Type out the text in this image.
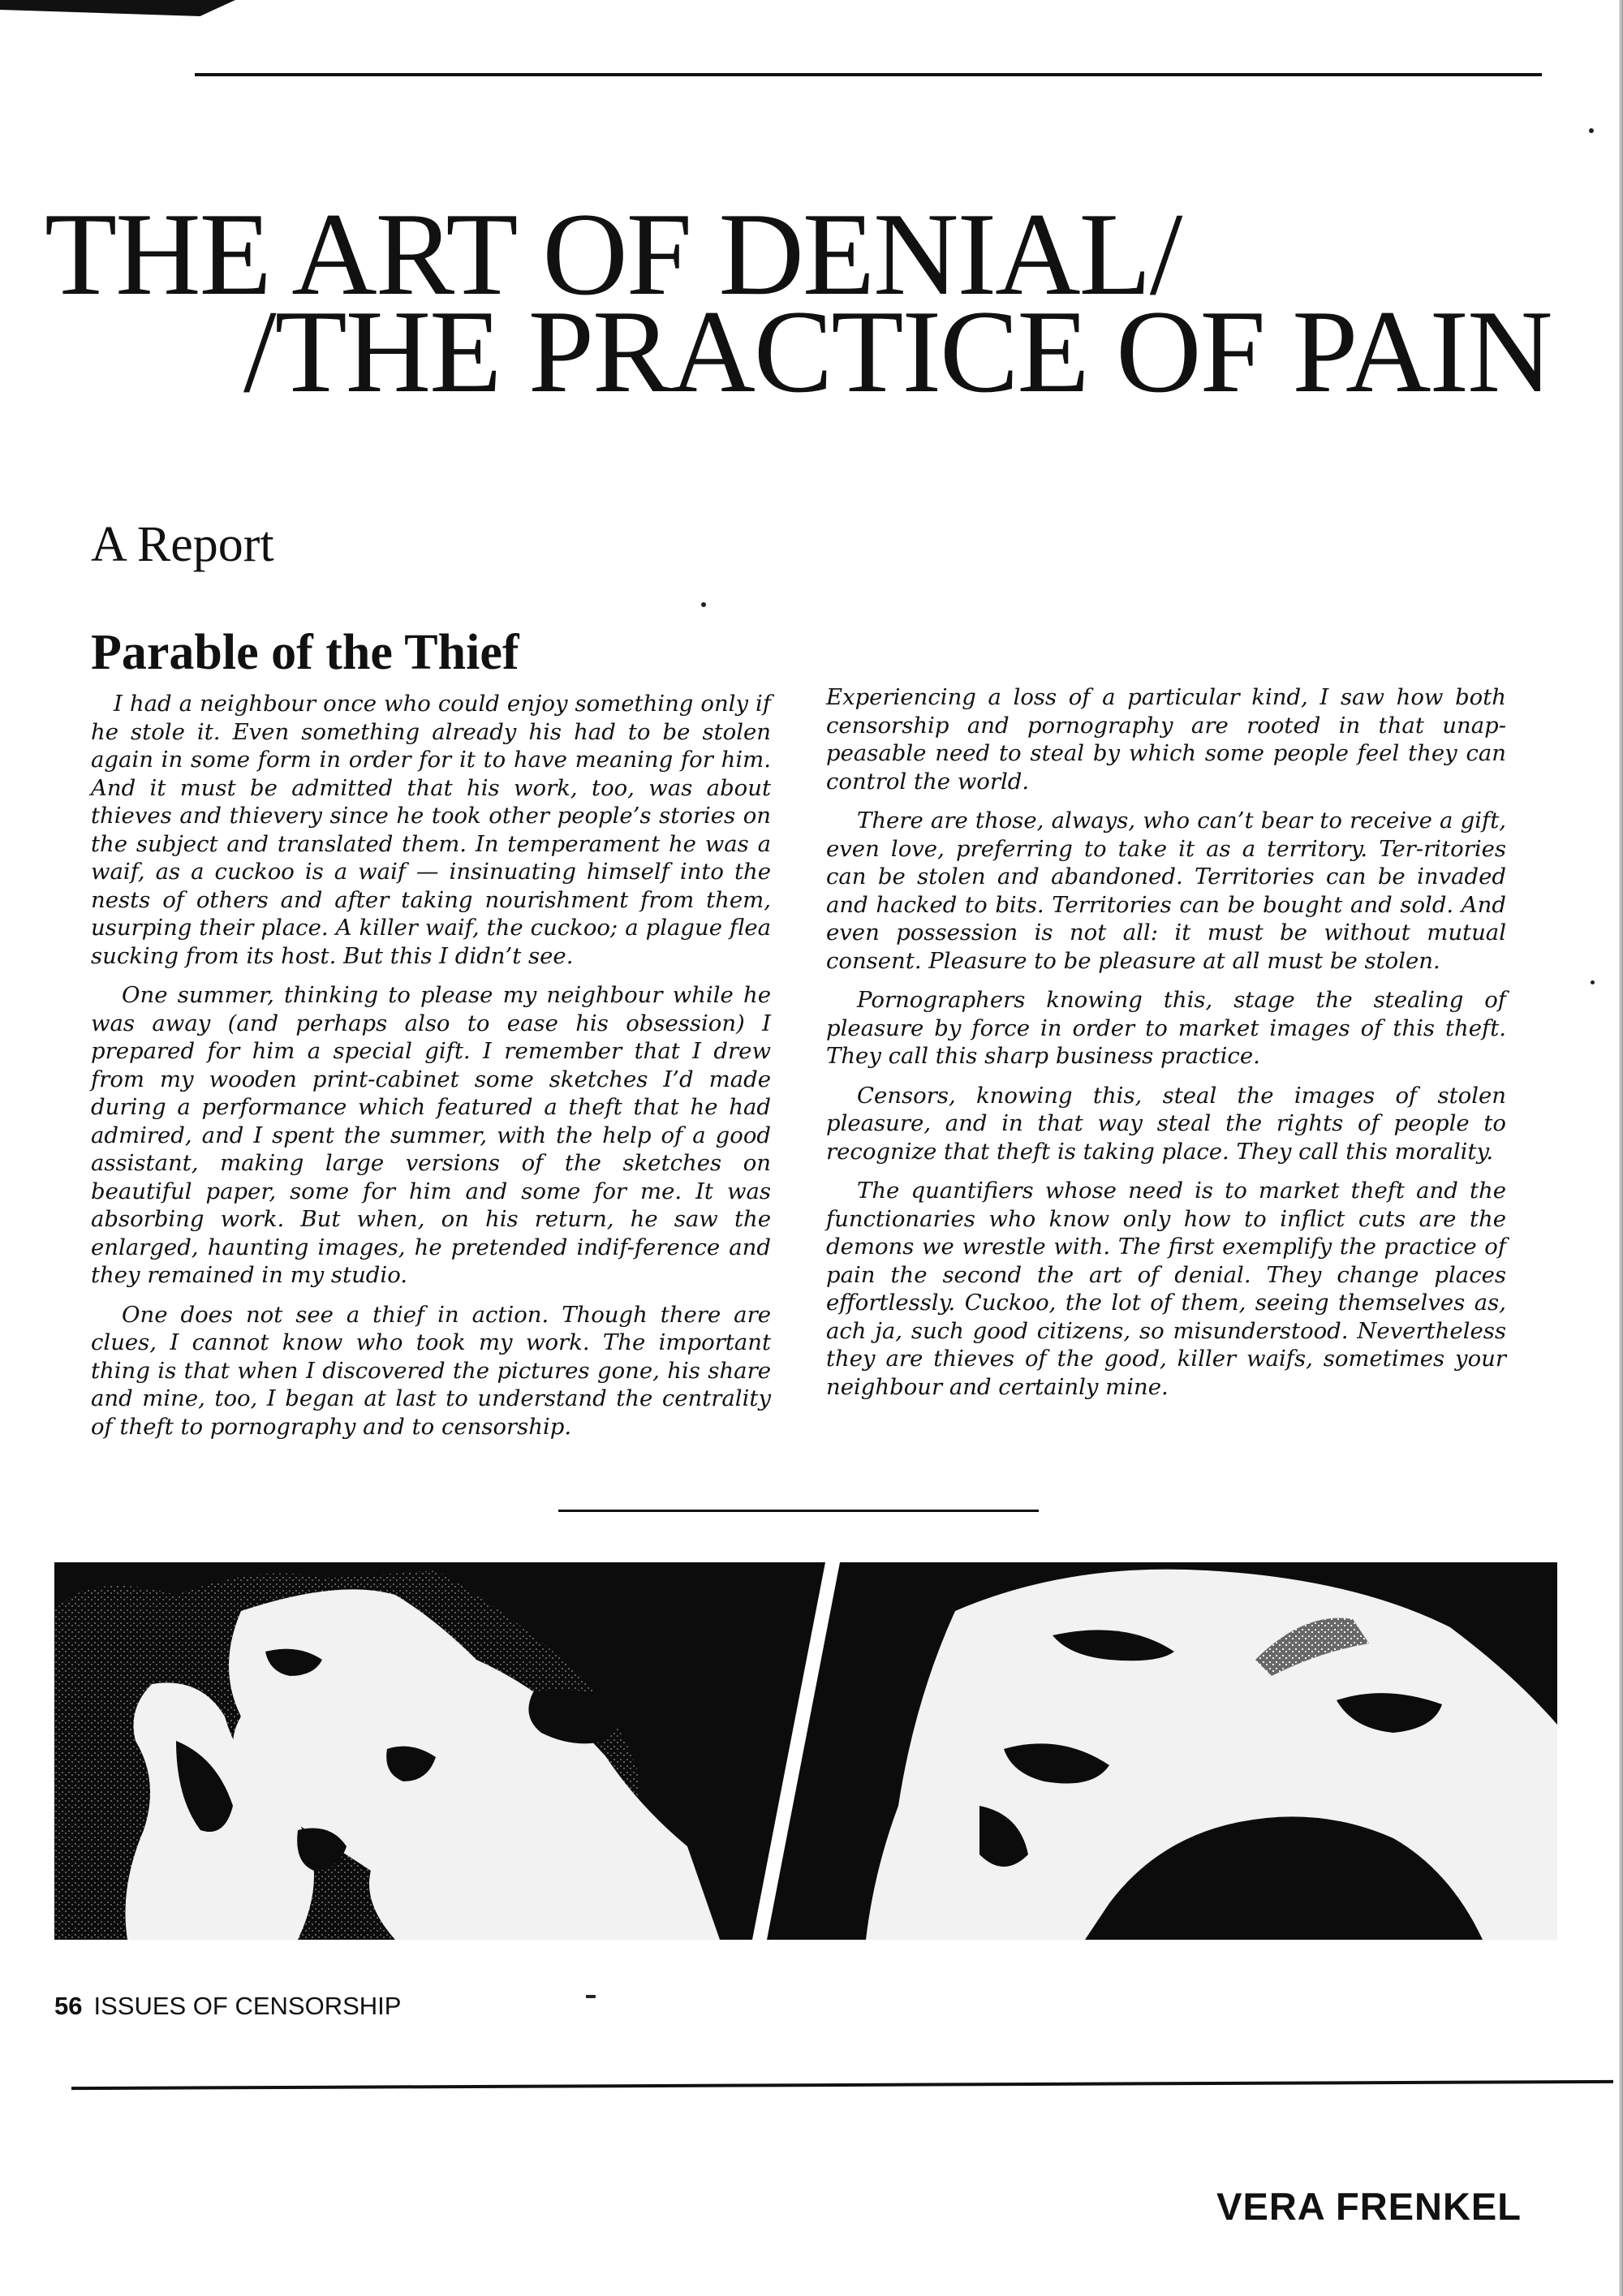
THE ART OF DENIAL/
/THE PRACTICE OF PAIN
A Report
Parable of the Thief

I had a neighbour once who could enjoy something only if he stole it. Even something already his had to be stolen again in some form in order for it to have meaning for him. And it must be admitted that his work, too, was about thieves and thievery since he took other people’s stories on the subject and translated them. In temperament he was a waif, as a cuckoo is a waif — insinuating himself into the nests of others and after taking nourishment from them, usurping their place. A killer waif, the cuckoo; a plague flea sucking from its host. But this I didn’t see.

One summer, thinking to please my neighbour while he was away (and perhaps also to ease his obsession) I prepared for him a special gift. I remember that I drew from my wooden print-cabinet some sketches I’d made during a performance which featured a theft that he had admired, and I spent the summer, with the help of a good assistant, making large versions of the sketches on beautiful paper, some for him and some for me. It was absorbing work. But when, on his return, he saw the enlarged, haunting images, he pretended indif-ference and they remained in my studio.

One does not see a thief in action. Though there are clues, I cannot know who took my work. The important thing is that when I discovered the pictures gone, his share and mine, too, I began at last to understand the centrality of theft to pornography and to censorship.

Experiencing a loss of a particular kind, I saw how both censorship and pornography are rooted in that unap-peasable need to steal by which some people feel they can control the world.

There are those, always, who can’t bear to receive a gift, even love, preferring to take it as a territory. Ter-ritories can be stolen and abandoned. Territories can be invaded and hacked to bits. Territories can be bought and sold. And even possession is not all: it must be without mutual consent. Pleasure to be pleasure at all must be stolen.

Pornographers knowing this, stage the stealing of pleasure by force in order to market images of this theft. They call this sharp business practice.

Censors, knowing this, steal the images of stolen pleasure, and in that way steal the rights of people to recognize that theft is taking place. They call this morality.

The quantifiers whose need is to market theft and the functionaries who know only how to inflict cuts are the demons we wrestle with. The first exemplify the practice of pain the second the art of denial. They change places effortlessly. Cuckoo, the lot of them, seeing themselves as, ach ja, such good citizens, so misunderstood. Nevertheless they are thieves of the good, killer waifs, sometimes your neighbour and certainly mine.

56 ISSUES OF CENSORSHIP
VERA FRENKEL
